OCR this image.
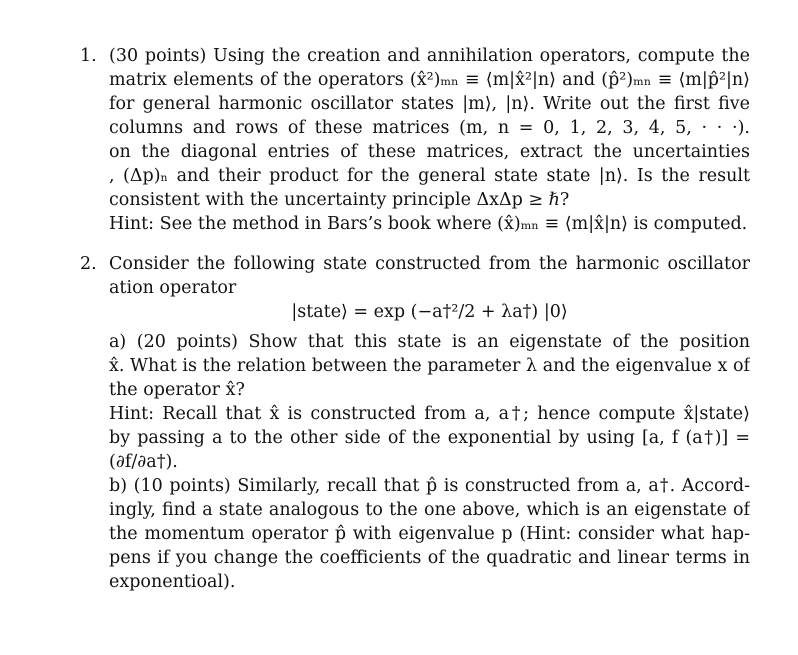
1. (30 points) Using the creation and annihilation operators, compute the
matrix elements of the operators (x̂²)ₘₙ ≡ ⟨m|x̂²|n⟩ and (p̂²)ₘₙ ≡ ⟨m|p̂²|n⟩
for general harmonic oscillator states |m⟩, |n⟩. Write out the first five
columns and rows of these matrices (m, n = 0, 1, 2, 3, 4, 5, · · ·).
on the diagonal entries of these matrices, extract the uncertainties
, (Δp)ₙ and their product for the general state state |n⟩. Is the result
consistent with the uncertainty principle ΔxΔp ≥ ℏ?
Hint: See the method in Bars’s book where (x̂)ₘₙ ≡ ⟨m|x̂|n⟩ is computed.
2. Consider the following state constructed from the harmonic oscillator
ation operator
|state⟩ = exp (−a†²/2 + λa†) |0⟩
a) (20 points) Show that this state is an eigenstate of the position
x̂. What is the relation between the parameter λ and the eigenvalue x of
the operator x̂?
Hint: Recall that x̂ is constructed from a, a†; hence compute x̂|state⟩
by passing a to the other side of the exponential by using [a, f (a†)] =
(∂f/∂a†).
b) (10 points) Similarly, recall that p̂ is constructed from a, a†. Accord-
ingly, find a state analogous to the one above, which is an eigenstate of
the momentum operator p̂ with eigenvalue p (Hint: consider what hap-
pens if you change the coefficients of the quadratic and linear terms in
exponentioal).
